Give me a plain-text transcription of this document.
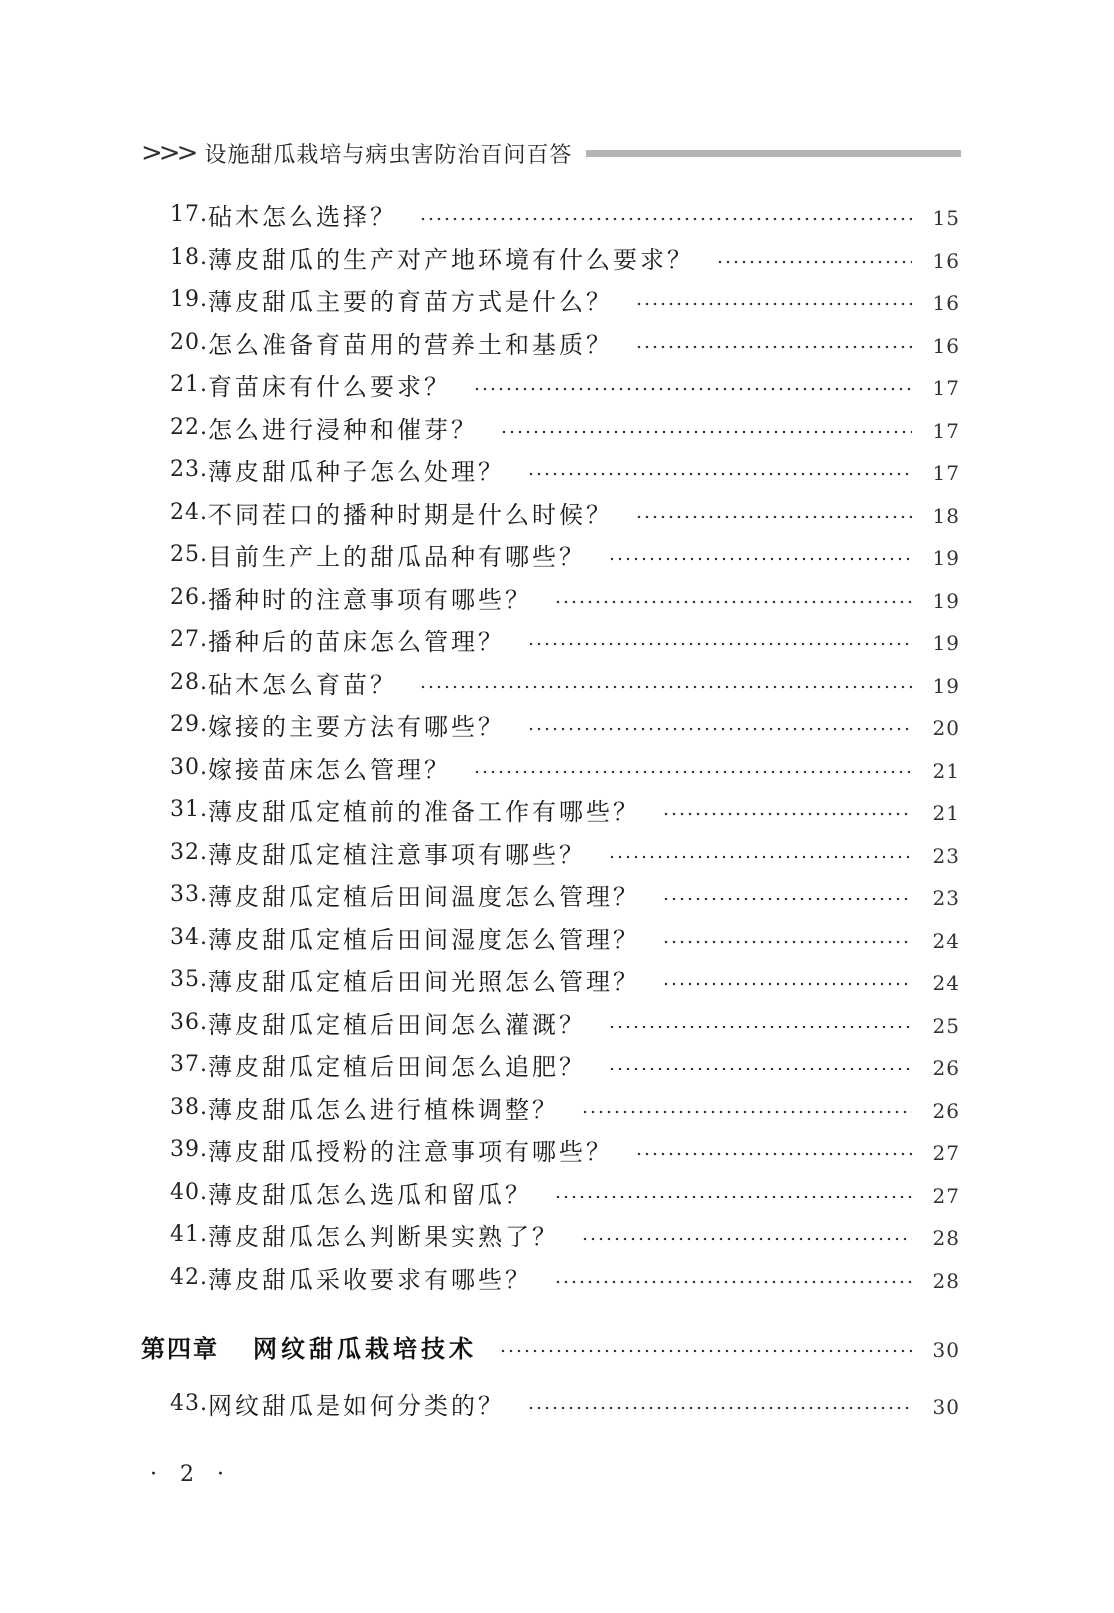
>>> 设施甜瓜栽培与病虫害防治百问百答
17. 砧木怎么选择？	15
18. 薄皮甜瓜的生产对产地环境有什么要求？	16
19. 薄皮甜瓜主要的育苗方式是什么？	16
20. 怎么准备育苗用的营养土和基质？	16
21. 育苗床有什么要求？	17
22. 怎么进行浸种和催芽？	17
23. 薄皮甜瓜种子怎么处理？	17
24. 不同茬口的播种时期是什么时候？	18
25. 目前生产上的甜瓜品种有哪些？	19
26. 播种时的注意事项有哪些？	19
27. 播种后的苗床怎么管理？	19
28. 砧木怎么育苗？	19
29. 嫁接的主要方法有哪些？	20
30. 嫁接苗床怎么管理？	21
31. 薄皮甜瓜定植前的准备工作有哪些？	21
32. 薄皮甜瓜定植注意事项有哪些？	23
33. 薄皮甜瓜定植后田间温度怎么管理？	23
34. 薄皮甜瓜定植后田间湿度怎么管理？	24
35. 薄皮甜瓜定植后田间光照怎么管理？	24
36. 薄皮甜瓜定植后田间怎么灌溉？	25
37. 薄皮甜瓜定植后田间怎么追肥？	26
38. 薄皮甜瓜怎么进行植株调整？	26
39. 薄皮甜瓜授粉的注意事项有哪些？	27
40. 薄皮甜瓜怎么选瓜和留瓜？	27
41. 薄皮甜瓜怎么判断果实熟了？	28
42. 薄皮甜瓜采收要求有哪些？	28
第四章 网纹甜瓜栽培技术	30
43. 网纹甜瓜是如何分类的？	30
· 2 ·
